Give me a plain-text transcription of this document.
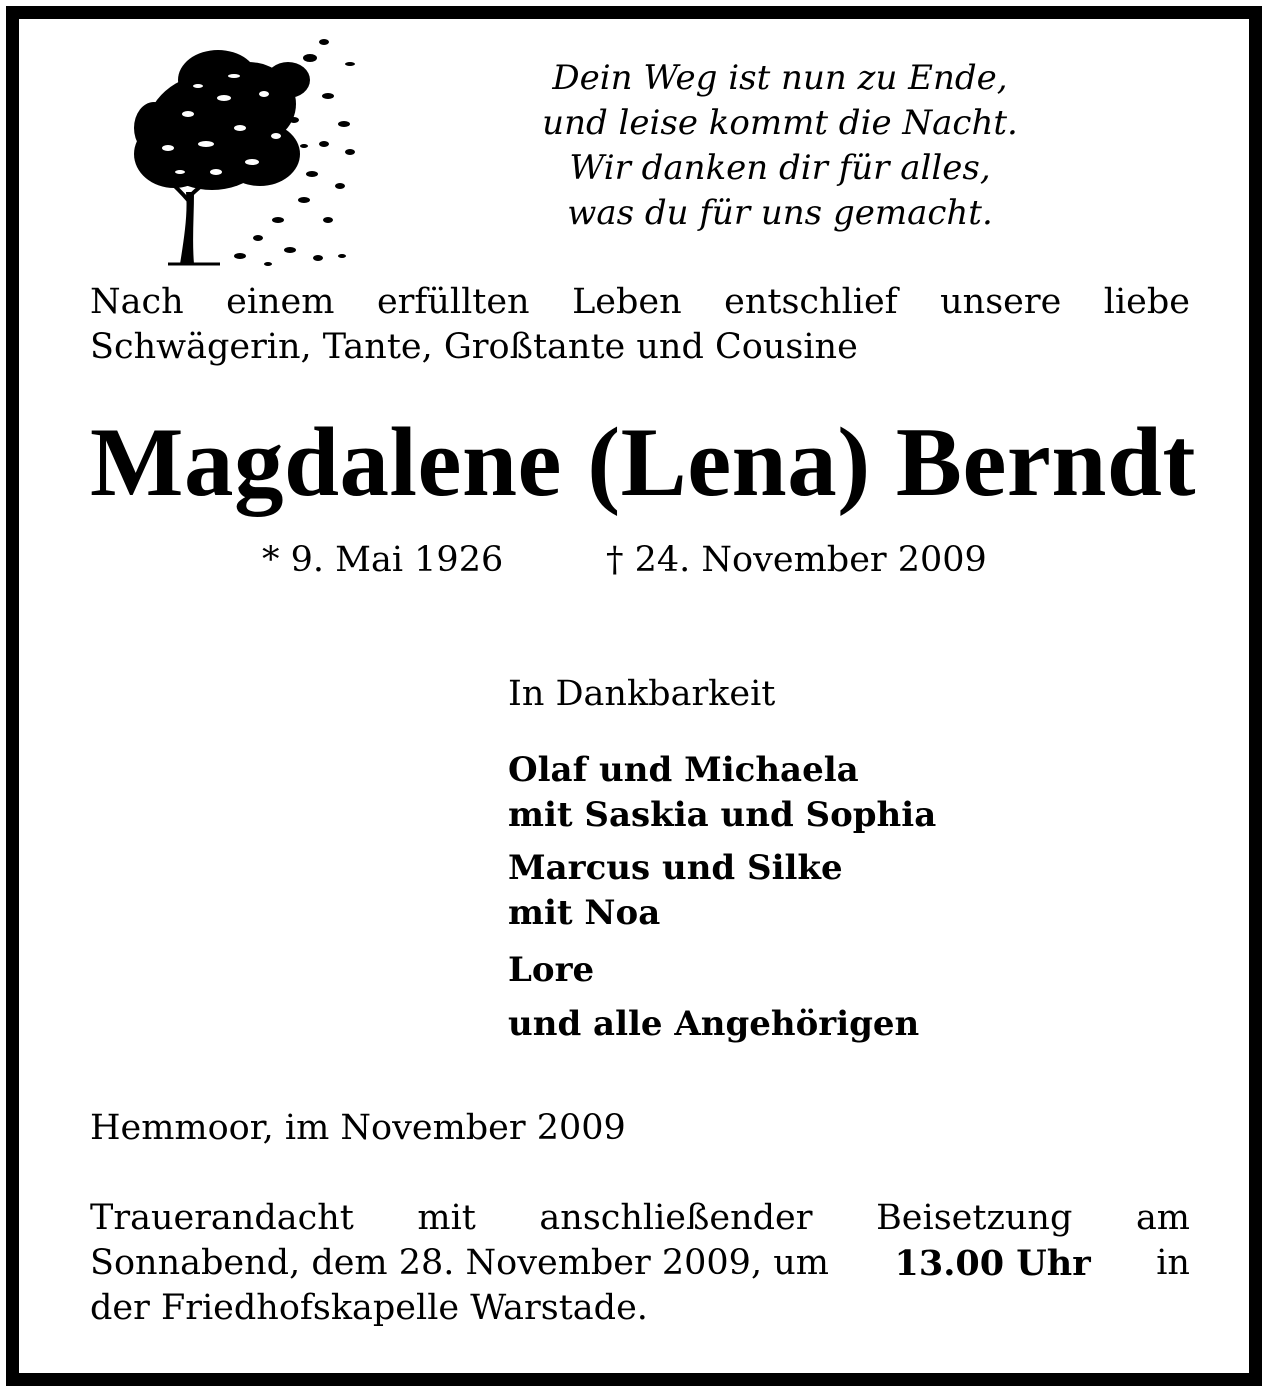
Dein Weg ist nun zu Ende,
und leise kommt die Nacht.
Wir danken dir für alles,
was du für uns gemacht.
Nach einem erfüllten Leben entschlief unsere liebe
Schwägerin, Tante, Großtante und Cousine
Magdalene (Lena) Berndt
* 9. Mai 1926	† 24. November 2009
In Dankbarkeit
Olaf und Michaela
mit Saskia und Sophia
Marcus und Silke
mit Noa
Lore
und alle Angehörigen
Hemmoor, im November 2009
Trauerandacht mit anschließender Beisetzung am
Sonnabend, dem 28. November 2009, um 13.00 Uhr in
der Friedhofskapelle Warstade.
